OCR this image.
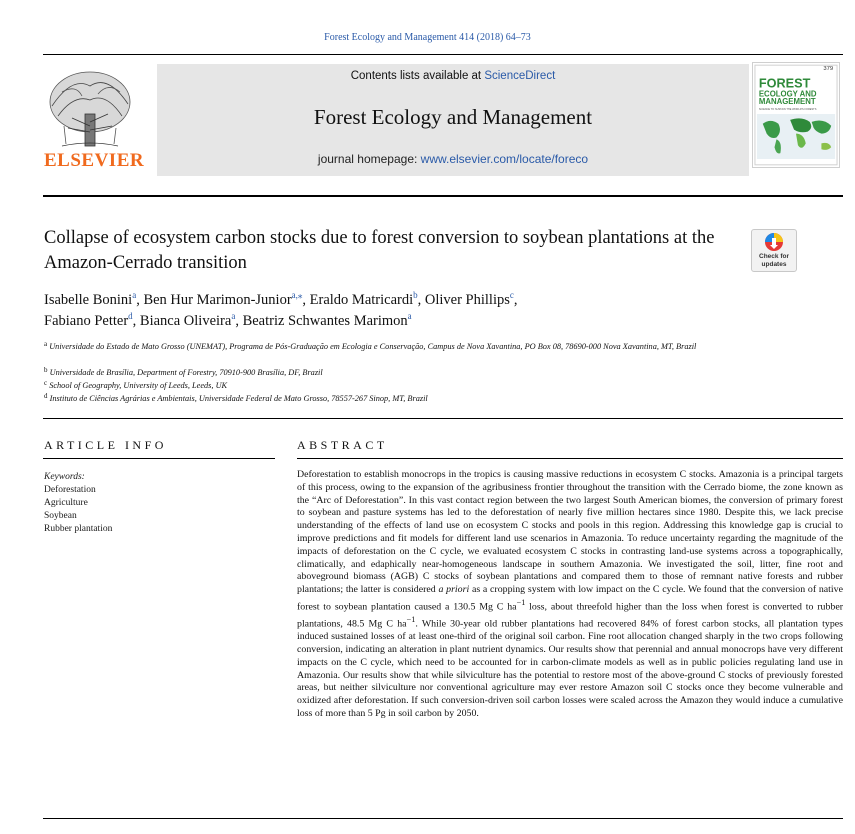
Forest Ecology and Management 414 (2018) 64–73
ELSEVIER
Contents lists available at ScienceDirect
Forest Ecology and Management
journal homepage: www.elsevier.com/locate/foreco
379
FOREST
ECOLOGY AND
MANAGEMENT
SCIENCE TO SUSTAIN THE WORLD'S FORESTS
Collapse of ecosystem carbon stocks due to forest conversion to soybean plantations at the Amazon-Cerrado transition	Check for
updates
Isabelle Bonini$^a$, Ben Hur Marimon-Junior$^{a,⁎}$, Eraldo Matricardi$^b$, Oliver Phillips$^c$,
Fabiano Petter$^d$, Bianca Oliveira$^a$, Beatriz Schwantes Marimon$^a$
$^a$ Universidade do Estado de Mato Grosso (UNEMAT), Programa de Pós-Graduação em Ecologia e Conservação, Campus de Nova Xavantina, PO Box 08, 78690-000 Nova Xavantina, MT, Brazil
$^b$ Universidade de Brasília, Department of Forestry, 70910-900 Brasília, DF, Brazil
$^c$ School of Geography, University of Leeds, Leeds, UK
$^d$ Instituto de Ciências Agrárias e Ambientais, Universidade Federal de Mato Grosso, 78557-267 Sinop, MT, Brazil
ARTICLE INFO	ABSTRACT
Keywords:
Deforestation
Agriculture
Soybean
Rubber plantation

Deforestation to establish monocrops in the tropics is causing massive reductions in ecosystem C stocks. Amazonia is a principal targets of this process, owing to the expansion of the agribusiness frontier throughout the transition with the Cerrado biome, the zone known as the “Arc of Deforestation”. In this vast contact region between the two largest South American biomes, the conversion of primary forest to soybean and pasture systems has led to the deforestation of nearly five million hectares since 1980. Despite this, we lack precise understanding of the effects of land use on ecosystem C stocks and pools in this region. Addressing this knowledge gap is crucial to improve predictions and fit models for different land use scenarios in Amazonia. To reduce uncertainty regarding the magnitude of the impacts of deforestation on the C cycle, we evaluated ecosystem C stocks in contrasting land-use systems across a topographically, climatically, and edaphically near-homogeneous landscape in southern Amazonia. We investigated the soil, litter, fine root and aboveground biomass (AGB) C stocks of soybean plantations and compared them to those of remnant native forests and rubber plantations; the latter is considered a priori as a cropping system with low impact on the C cycle. We found that the conversion of native forest to soybean plantation caused a 130.5 Mg C $ha^{-1}$ loss, about threefold higher than the loss when forest is converted to rubber plantations, 48.5 Mg C $ha^{-1}$. While 30-year old rubber plantations had recovered 84% of forest carbon stocks, all plantation types induced sustained losses of at least one-third of the original soil carbon. Fine root allocation changed sharply in the two crops following conversion, indicating an alteration in plant nutrient dynamics. Our results show that perennial and annual monocrops have very different impacts on the C cycle, which need to be accounted for in carbon-climate models as well as in public policies regulating land use in Amazonia. Our results show that while silviculture has the potential to restore most of the above-ground C stocks of previously forested areas, but neither silviculture nor conventional agriculture may ever restore Amazon soil C stocks once they become vulnerable and oxidized after deforestation. If such conversion-driven soil carbon losses were scaled across the Amazon they would induce a cumulative loss of more than 5 Pg in soil carbon by 2050.
